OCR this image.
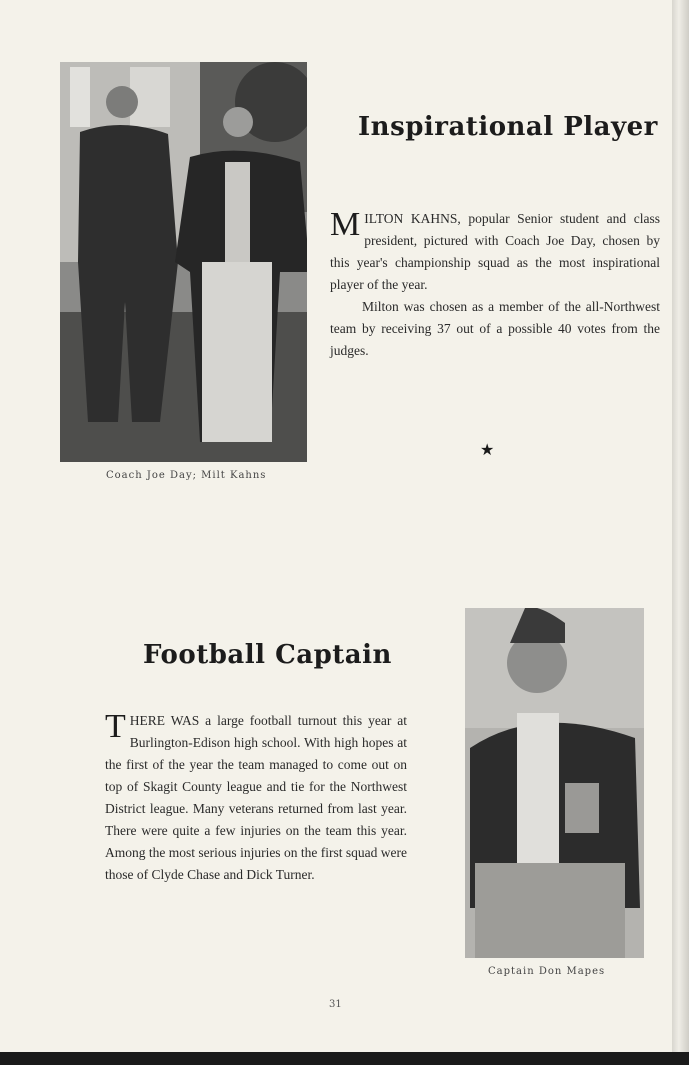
Coach Joe Day; Milt Kahns
Inspirational Player
MILTON KAHNS, popular Senior student and class president, pictured with Coach Joe Day, chosen by this year's championship squad as the most inspirational player of the year.
Milton was chosen as a member of the all-Northwest team by receiving 37 out of a possible 40 votes from the judges.
★
Football Captain
THERE WAS a large football turnout this year at Burlington-Edison high school. With high hopes at the first of the year the team managed to come out on top of Skagit County league and tie for the Northwest District league. Many veterans returned from last year. There were quite a few injuries on the team this year. Among the most serious injuries on the first squad were those of Clyde Chase and Dick Turner.
Captain Don Mapes
31
